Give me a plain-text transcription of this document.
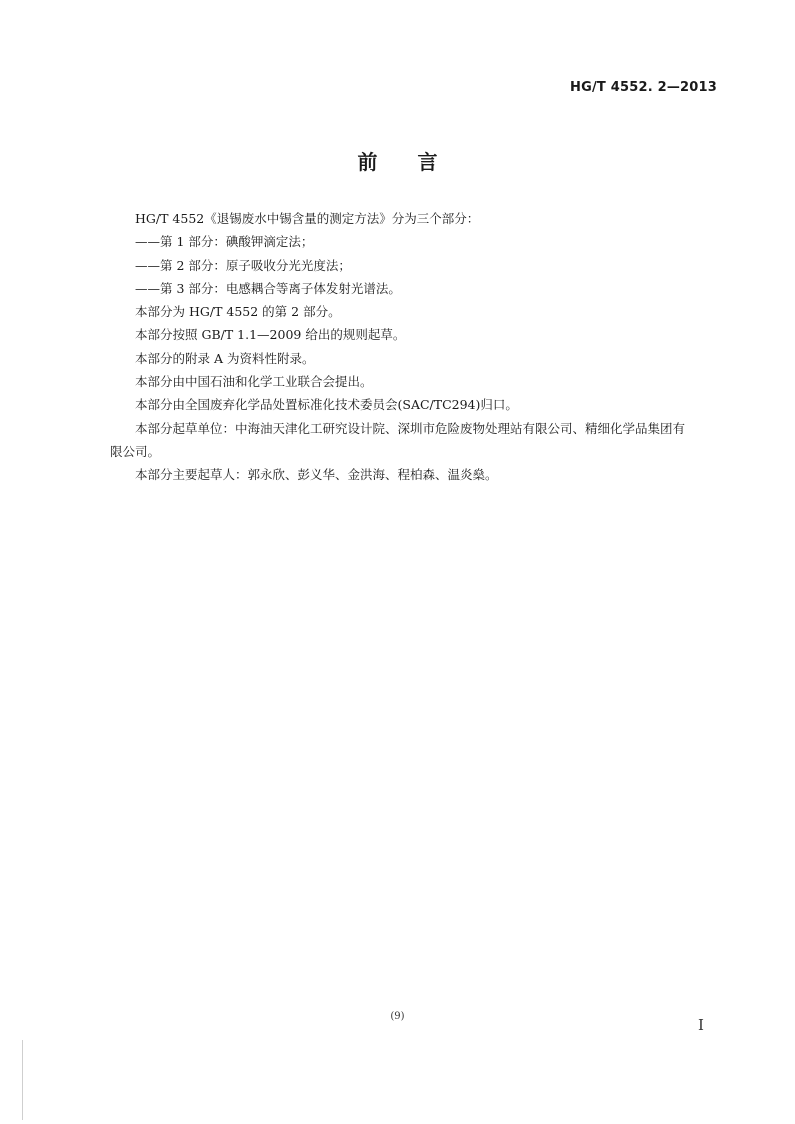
HG/T 4552. 2—2013
前言

HG/T 4552《退锡废水中锡含量的测定方法》分为三个部分：

——第 1 部分：碘酸钾滴定法；

——第 2 部分：原子吸收分光光度法；

——第 3 部分：电感耦合等离子体发射光谱法。

本部分为 HG/T 4552 的第 2 部分。

本部分按照 GB/T 1.1—2009 给出的规则起草。

本部分的附录 A 为资料性附录。

本部分由中国石油和化学工业联合会提出。

本部分由全国废弃化学品处置标准化技术委员会(SAC/TC294)归口。

本部分起草单位：中海油天津化工研究设计院、深圳市危险废物处理站有限公司、精细化学品集团有限公司。

本部分主要起草人：郭永欣、彭义华、金洪海、程柏森、温炎燊。

(9)	I
